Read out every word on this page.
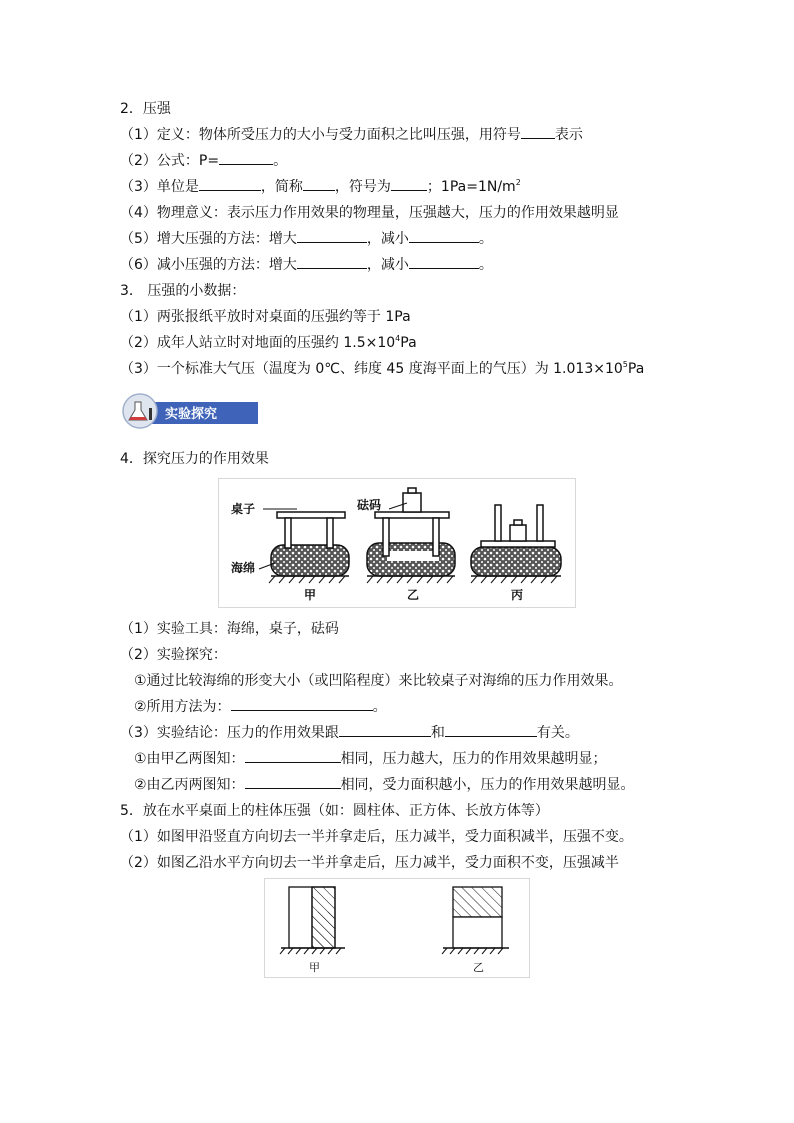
2．压强
（1）定义：物体所受压力的大小与受力面积之比叫压强，用符号 表示
（2）公式：P=	。
（3）单位是	，简称 ，符号为	；$1Pa=1N/m^2$
（4）物理意义：表示压力作用效果的物理量，压强越大，压力的作用效果越明显
（5）增大压强的方法：增大	，减小	。
（6）减小压强的方法：增大	，减小	。
3． 压强的小数据：
（1）两张报纸平放时对桌面的压强约等于 1Pa
（2）成年人站立时对地面的压强约 $1.5\times 10^4Pa$
（3）一个标准大气压（温度为 0℃、纬度 45 度海平面上的气压）为 $1.013\times 10^5Pa$
实验探究
4．探究压力的作用效果
桌子	砝码
海绵
甲	乙	丙
（1）实验工具：海绵，桌子，砝码
（2）实验探究：
①通过比较海绵的形变大小（或凹陷程度）来比较桌子对海绵的压力作用效果。
②所用方法为：	。
（3）实验结论：压力的作用效果跟	和	有关。
①由甲乙两图知：	相同，压力越大，压力的作用效果越明显；
②由乙丙两图知：	相同，受力面积越小，压力的作用效果越明显。
5．放在水平桌面上的柱体压强（如：圆柱体、正方体、长放方体等）
（1）如图甲沿竖直方向切去一半并拿走后，压力减半，受力面积减半，压强不变。
（2）如图乙沿水平方向切去一半并拿走后，压力减半，受力面积不变，压强减半
甲	乙
